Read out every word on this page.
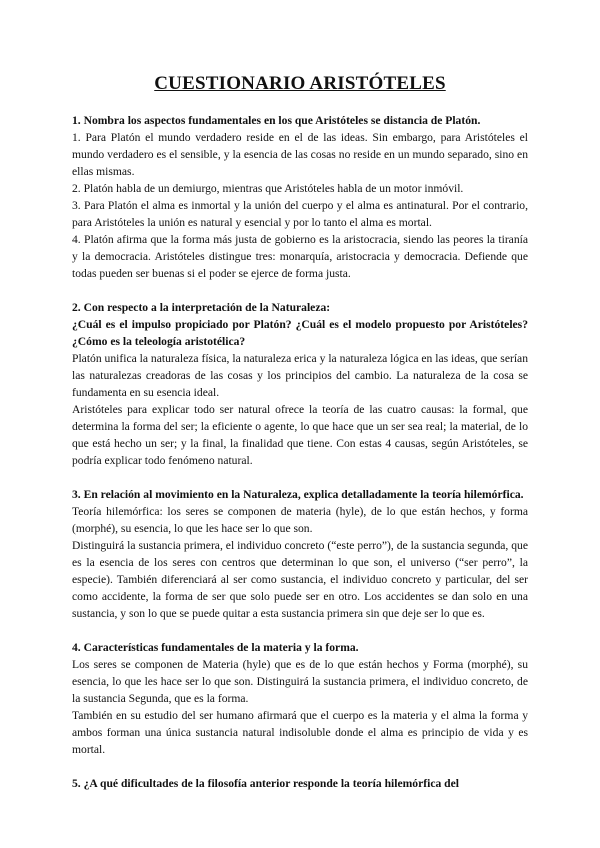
CUESTIONARIO ARISTÓTELES

1. Nombra los aspectos fundamentales en los que Aristóteles se distancia de Platón.

1. Para Platón el mundo verdadero reside en el de las ideas. Sin embargo, para Aristóteles el mundo verdadero es el sensible, y la esencia de las cosas no reside en un mundo separado, sino en ellas mismas.

2. Platón habla de un demiurgo, mientras que Aristóteles habla de un motor inmóvil.

3. Para Platón el alma es inmortal y la unión del cuerpo y el alma es antinatural. Por el contrario, para Aristóteles la unión es natural y esencial y por lo tanto el alma es mortal.

4. Platón afirma que la forma más justa de gobierno es la aristocracia, siendo las peores la tiranía y la democracia. Aristóteles distingue tres: monarquía, aristocracia y democracia. Defiende que todas pueden ser buenas si el poder se ejerce de forma justa.

2. Con respecto a la interpretación de la Naturaleza:

¿Cuál es el impulso propiciado por Platón? ¿Cuál es el modelo propuesto por Aristóteles? ¿Cómo es la teleología aristotélica?

Platón unifica la naturaleza física, la naturaleza erica y la naturaleza lógica en las ideas, que serían las naturalezas creadoras de las cosas y los principios del cambio. La naturaleza de la cosa se fundamenta en su esencia ideal.

Aristóteles para explicar todo ser natural ofrece la teoría de las cuatro causas: la formal, que determina la forma del ser; la eficiente o agente, lo que hace que un ser sea real; la material, de lo que está hecho un ser; y la final, la finalidad que tiene. Con estas 4 causas, según Aristóteles, se podría explicar todo fenómeno natural.

3. En relación al movimiento en la Naturaleza, explica detalladamente la teoría hilemórfica.

Teoría hilemórfica: los seres se componen de materia (hyle), de lo que están hechos, y forma (morphé), su esencia, lo que les hace ser lo que son.

Distinguirá la sustancia primera, el individuo concreto (“este perro”), de la sustancia segunda, que es la esencia de los seres con centros que determinan lo que son, el universo (“ser perro”, la especie). También diferenciará al ser como sustancia, el individuo concreto y particular, del ser como accidente, la forma de ser que solo puede ser en otro. Los accidentes se dan solo en una sustancia, y son lo que se puede quitar a esta sustancia primera sin que deje ser lo que es.

4. Características fundamentales de la materia y la forma.

Los seres se componen de Materia (hyle) que es de lo que están hechos y Forma (morphé), su esencia, lo que les hace ser lo que son. Distinguirá la sustancia primera, el individuo concreto, de la sustancia Segunda, que es la forma.

También en su estudio del ser humano afirmará que el cuerpo es la materia y el alma la forma y ambos forman una única sustancia natural indisoluble donde el alma es principio de vida y es mortal.

5. ¿A qué dificultades de la filosofía anterior responde la teoría hilemórfica del
